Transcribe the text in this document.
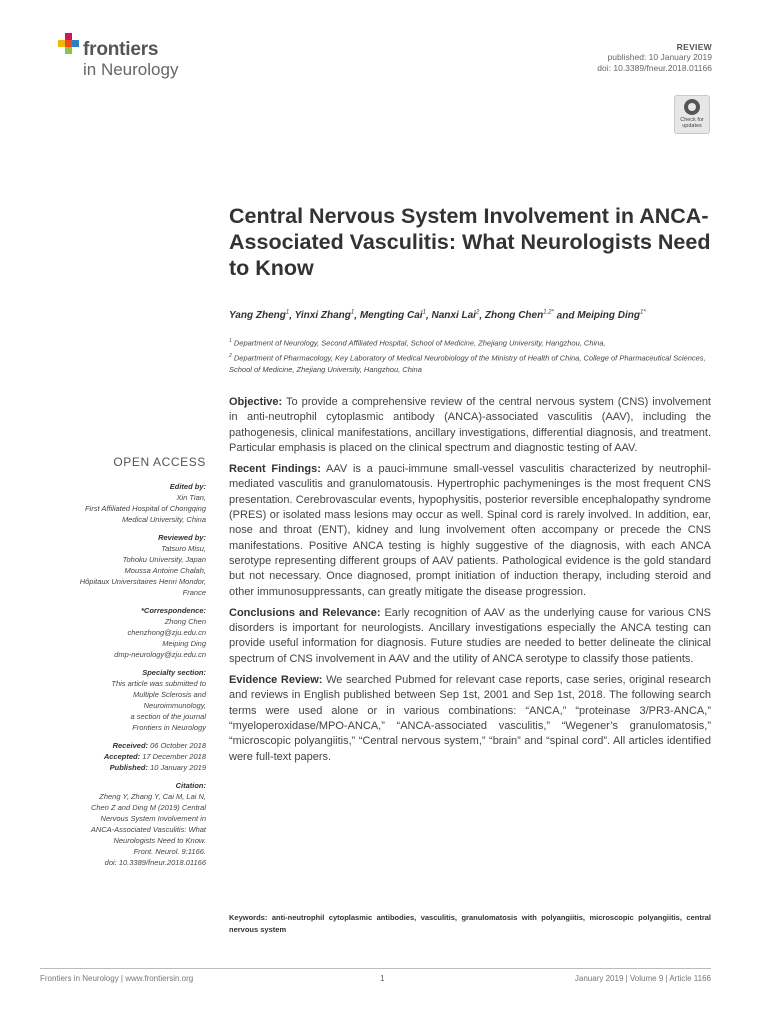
frontiers
in Neurology
REVIEW
published: 10 January 2019
doi: 10.3389/fneur.2018.01166
Check for
updates
Central Nervous System Involvement in ANCA-Associated Vasculitis: What Neurologists Need to Know
Yang Zheng$^1$, Yinxi Zhang$^1$, Mengting Cai$^1$, Nanxi Lai$^2$, Zhong Chen$^{1,2*}$ and Meiping Ding$^{1*}$
$^1$ Department of Neurology, Second Affiliated Hospital, School of Medicine, Zhejiang University, Hangzhou, China,
$^2$ Department of Pharmacology, Key Laboratory of Medical Neurobiology of the Ministry of Health of China, College of Pharmaceutical Sciences, School of Medicine, Zhejiang University, Hangzhou, China
OPEN ACCESS
Edited by:
Xin Tian,
First Affiliated Hospital of Chongqing
Medical University, China
Reviewed by:
Tatsuro Misu,
Tohoku University, Japan
Moussa Antoine Chalah,
Hôpitaux Universitaires Henri Mondor,
France
*Correspondence:
Zhong Chen
chenzhong@zju.edu.cn
Meiping Ding
dmp-neurology@zju.edu.cn
Specialty section:
This article was submitted to
Multiple Sclerosis and
Neuroimmunology,
a section of the journal
Frontiers in Neurology
Received: 06 October 2018
Accepted: 17 December 2018
Published: 10 January 2019
Citation:
Zheng Y, Zhang Y, Cai M, Lai N,
Chen Z and Ding M (2019) Central
Nervous System Involvement in
ANCA-Associated Vasculitis: What
Neurologists Need to Know.
Front. Neurol. 9:1166.
doi: 10.3389/fneur.2018.01166

Objective: To provide a comprehensive review of the central nervous system (CNS) involvement in anti-neutrophil cytoplasmic antibody (ANCA)-associated vasculitis (AAV), including the pathogenesis, clinical manifestations, ancillary investigations, differential diagnosis, and treatment. Particular emphasis is placed on the clinical spectrum and diagnostic testing of AAV.

Recent Findings: AAV is a pauci-immune small-vessel vasculitis characterized by neutrophil-mediated vasculitis and granulomatousis. Hypertrophic pachymeninges is the most frequent CNS presentation. Cerebrovascular events, hypophysitis, posterior reversible encephalopathy syndrome (PRES) or isolated mass lesions may occur as well. Spinal cord is rarely involved. In addition, ear, nose and throat (ENT), kidney and lung involvement often accompany or precede the CNS manifestations. Positive ANCA testing is highly suggestive of the diagnosis, with each ANCA serotype representing different groups of AAV patients. Pathological evidence is the gold standard but not necessary. Once diagnosed, prompt initiation of induction therapy, including steroid and other immunosuppressants, can greatly mitigate the disease progression.

Conclusions and Relevance: Early recognition of AAV as the underlying cause for various CNS disorders is important for neurologists. Ancillary investigations especially the ANCA testing can provide useful information for diagnosis. Future studies are needed to better delineate the clinical spectrum of CNS involvement in AAV and the utility of ANCA serotype to classify those patients.

Evidence Review: We searched Pubmed for relevant case reports, case series, original research and reviews in English published between Sep 1st, 2001 and Sep 1st, 2018. The following search terms were used alone or in various combinations: “ANCA,” “proteinase 3/PR3-ANCA,” “myeloperoxidase/MPO-ANCA,” “ANCA-associated vasculitis,” “Wegener’s granulomatosis,” “microscopic polyangiitis,” “Central nervous system,” “brain” and “spinal cord”. All articles identified were full-text papers.

Keywords: anti-neutrophil cytoplasmic antibodies, vasculitis, granulomatosis with polyangiitis, microscopic polyangiitis, central nervous system
Frontiers in Neurology | www.frontiersin.org	1	January 2019 | Volume 9 | Article 1166
